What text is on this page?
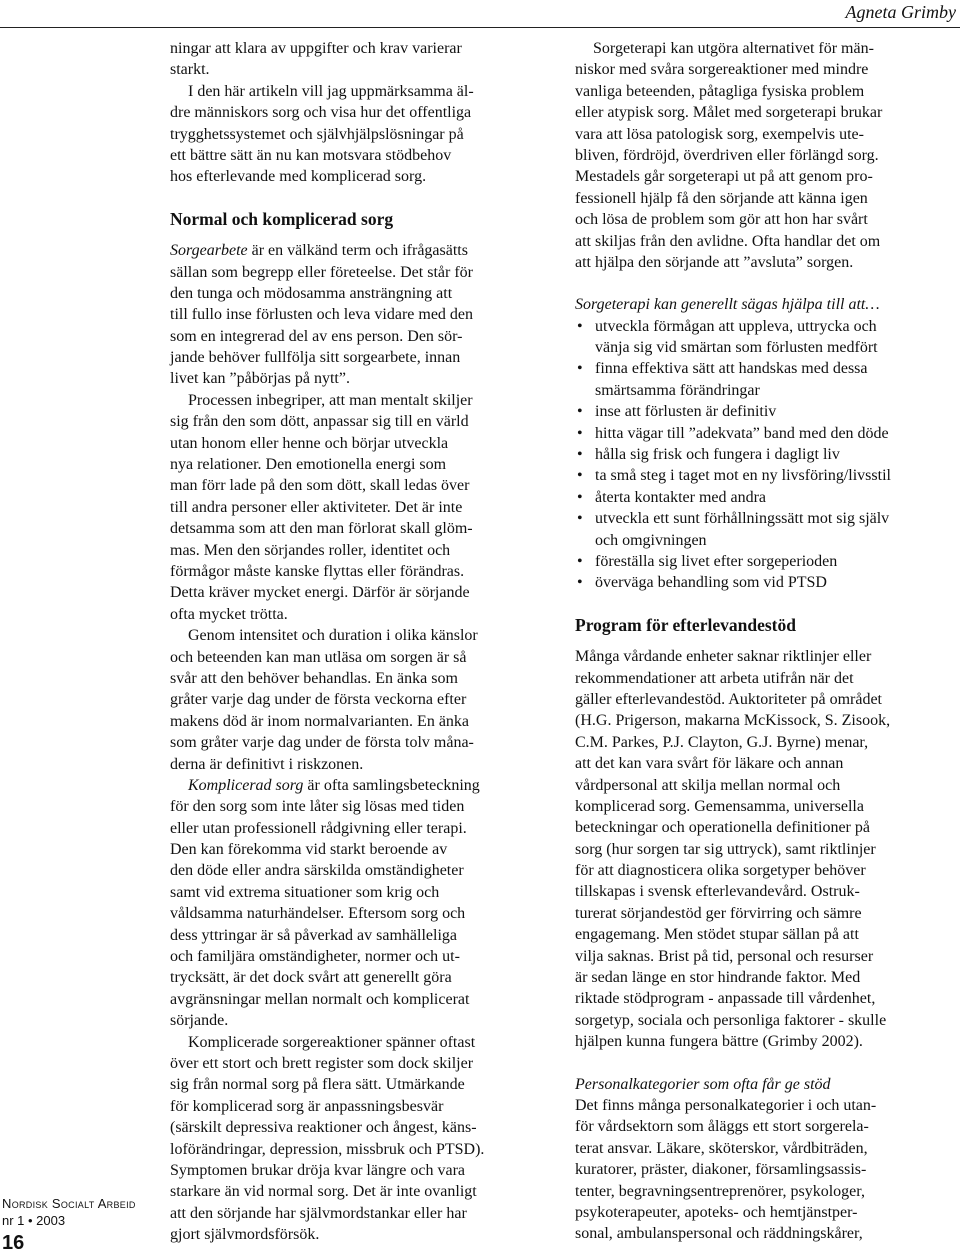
Agneta Grimby
ningar att klara av uppgifter och krav varierar
starkt.
I den här artikeln vill jag uppmärksamma äl-
dre människors sorg och visa hur det offentliga
trygghetssystemet och självhjälpslösningar på
ett bättre sätt än nu kan motsvara stödbehov
hos efterlevande med komplicerad sorg.
Normal och komplicerad sorg
Sorgearbete är en välkänd term och ifrågasätts
sällan som begrepp eller företeelse. Det står för
den tunga och mödosamma ansträngning att
till fullo inse förlusten och leva vidare med den
som en integrerad del av ens person. Den sör-
jande behöver fullfölja sitt sorgearbete, innan
livet kan ”påbörjas på nytt”.
Processen inbegriper, att man mentalt skiljer
sig från den som dött, anpassar sig till en värld
utan honom eller henne och börjar utveckla
nya relationer. Den emotionella energi som
man förr lade på den som dött, skall ledas över
till andra personer eller aktiviteter. Det är inte
detsamma som att den man förlorat skall glöm-
mas. Men den sörjandes roller, identitet och
förmågor måste kanske flyttas eller förändras.
Detta kräver mycket energi. Därför är sörjande
ofta mycket trötta.
Genom intensitet och duration i olika känslor
och beteenden kan man utläsa om sorgen är så
svår att den behöver behandlas. En änka som
gråter varje dag under de första veckorna efter
makens död är inom normalvarianten. En änka
som gråter varje dag under de första tolv måna-
derna är definitivt i riskzonen.
Komplicerad sorg är ofta samlingsbeteckning
för den sorg som inte låter sig lösas med tiden
eller utan professionell rådgivning eller terapi.
Den kan förekomma vid starkt beroende av
den döde eller andra särskilda omständigheter
samt vid extrema situationer som krig och
våldsamma naturhändelser. Eftersom sorg och
dess yttringar är så påverkad av samhälleliga
och familjära omständigheter, normer och ut-
trycksätt, är det dock svårt att generellt göra
avgränsningar mellan normalt och komplicerat
sörjande.
Komplicerade sorgereaktioner spänner oftast
över ett stort och brett register som dock skiljer
sig från normal sorg på flera sätt. Utmärkande
för komplicerad sorg är anpassningsbesvär
(särskilt depressiva reaktioner och ångest, käns-
loförändringar, depression, missbruk och PTSD).
Symptomen brukar dröja kvar längre och vara
starkare än vid normal sorg. Det är inte ovanligt
att den sörjande har självmordstankar eller har
gjort självmordsförsök.
Sorgeterapi kan utgöra alternativet för män-
niskor med svåra sorgereaktioner med mindre
vanliga beteenden, påtagliga fysiska problem
eller atypisk sorg. Målet med sorgeterapi brukar
vara att lösa patologisk sorg, exempelvis ute-
bliven, fördröjd, överdriven eller förlängd sorg.
Mestadels går sorgeterapi ut på att genom pro-
fessionell hjälp få den sörjande att känna igen
och lösa de problem som gör att hon har svårt
att skiljas från den avlidne. Ofta handlar det om
att hjälpa den sörjande att ”avsluta” sorgen.
Sorgeterapi kan generellt sägas hjälpa till att…
• utveckla förmågan att uppleva, uttrycka och
vänja sig vid smärtan som förlusten medfört
• finna effektiva sätt att handskas med dessa
smärtsamma förändringar
• inse att förlusten är definitiv
• hitta vägar till ”adekvata” band med den döde
• hålla sig frisk och fungera i dagligt liv
• ta små steg i taget mot en ny livsföring/livsstil
• återta kontakter med andra
• utveckla ett sunt förhållningssätt mot sig själv
och omgivningen
• föreställa sig livet efter sorgeperioden
• överväga behandling som vid PTSD
Program för efterlevandestöd
Många vårdande enheter saknar riktlinjer eller
rekommendationer att arbeta utifrån när det
gäller efterlevandestöd. Auktoriteter på området
(H.G. Prigerson, makarna McKissock, S. Zisook,
C.M. Parkes, P.J. Clayton, G.J. Byrne) menar,
att det kan vara svårt för läkare och annan
vårdpersonal att skilja mellan normal och
komplicerad sorg. Gemensamma, universella
beteckningar och operationella definitioner på
sorg (hur sorgen tar sig uttryck), samt riktlinjer
för att diagnosticera olika sorgetyper behöver
tillskapas i svensk efterlevandevård. Ostruk-
turerat sörjandestöd ger förvirring och sämre
engagemang. Men stödet stupar sällan på att
vilja saknas. Brist på tid, personal och resurser
är sedan länge en stor hindrande faktor. Med
riktade stödprogram - anpassade till vårdenhet,
sorgetyp, sociala och personliga faktorer - skulle
hjälpen kunna fungera bättre (Grimby 2002).
Personalkategorier som ofta får ge stöd
Det finns många personalkategorier i och utan-
för vårdsektorn som åläggs ett stort sorgerela-
terat ansvar. Läkare, sköterskor, vårdbiträden,
kuratorer, präster, diakoner, församlingsassis-
tenter, begravningsentreprenörer, psykologer,
psykoterapeuter, apoteks- och hemtjänstper-
sonal, ambulanspersonal och räddningskårer,
Nordisk Socialt Arbeid
nr 1 • 2003
16
